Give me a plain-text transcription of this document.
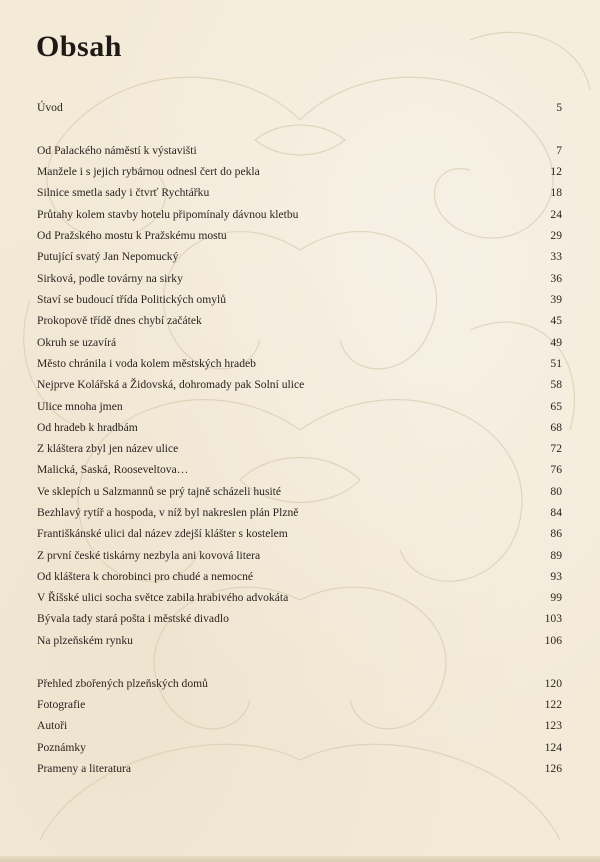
Obsah
Úvod	5
Od Palackého náměstí k výstavišti	7
Manžele i s jejich rybárnou odnesl čert do pekla	12
Silnice smetla sady i čtvrť Rychtářku	18
Průtahy kolem stavby hotelu připomínaly dávnou kletbu	24
Od Pražského mostu k Pražskému mostu	29
Putující svatý Jan Nepomucký	33
Sirková, podle továrny na sirky	36
Staví se budoucí třída Politických omylů	39
Prokopově třídě dnes chybí začátek	45
Okruh se uzavírá	49
Město chránila i voda kolem městských hradeb	51
Nejprve Kolářská a Židovská, dohromady pak Solní ulice	58
Ulice mnoha jmen	65
Od hradeb k hradbám	68
Z kláštera zbyl jen název ulice	72
Malická, Saská, Rooseveltova…	76
Ve sklepích u Salzmannů se prý tajně scházeli husité	80
Bezhlavý rytíř a hospoda, v níž byl nakreslen plán Plzně	84
Františkánské ulici dal název zdejší klášter s kostelem	86
Z první české tiskárny nezbyla ani kovová litera	89
Od kláštera k chorobinci pro chudé a nemocné	93
V Říšské ulici socha světce zabila hrabivého advokáta	99
Bývala tady stará pošta i městské divadlo	103
Na plzeňském rynku	106
Přehled zbořených plzeňských domů	120
Fotografie	122
Autoři	123
Poznámky	124
Prameny a literatura	126
